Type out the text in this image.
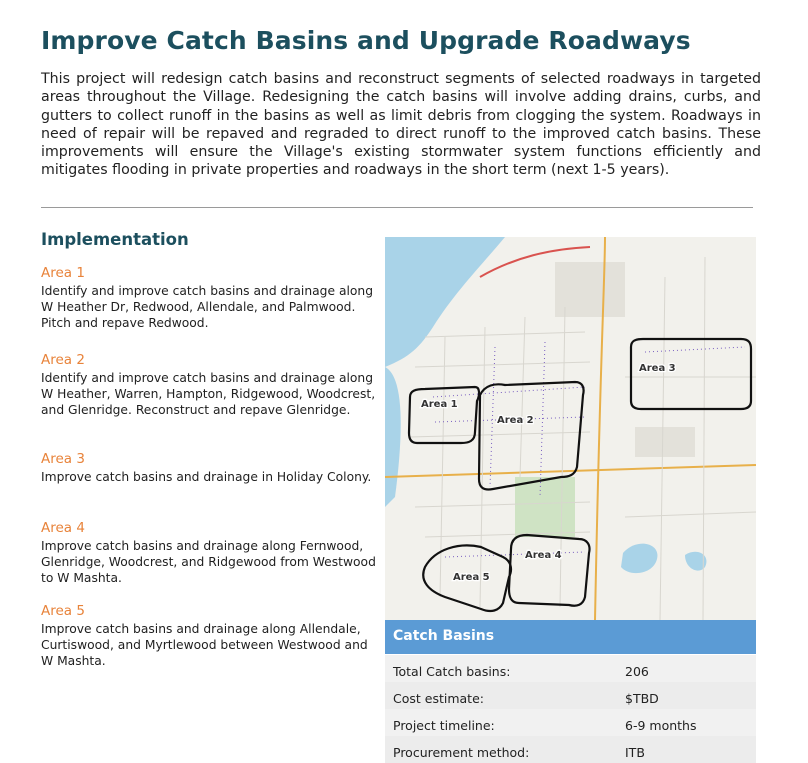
Improve Catch Basins and Upgrade Roadways

This project will redesign catch basins and reconstruct segments of selected roadways in targeted areas throughout the Village. Redesigning the catch basins will involve adding drains, curbs, and gutters to collect runoff in the basins as well as limit debris from clogging the system. Roadways in need of repair will be repaved and regraded to direct runoff to the improved catch basins. These improvements will ensure the Village's existing stormwater system functions efficiently and mitigates flooding in private properties and roadways in the short term (next 1-5 years).

Implementation

Area 1

Identify and improve catch basins and drainage along W Heather Dr, Redwood, Allendale, and Palmwood. Pitch and repave Redwood.

Area 2

Identify and improve catch basins and drainage along W Heather, Warren, Hampton, Ridgewood, Woodcrest, and Glenridge. Reconstruct and repave Glenridge.

Area 3

Improve catch basins and drainage in Holiday Colony.

Area 4

Improve catch basins and drainage along Fernwood, Glenridge, Woodcrest, and Ridgewood from Westwood to W Mashta.

Area 5

Improve catch basins and drainage along Allendale, Curtiswood, and Myrtlewood between Westwood and W Mashta.

Area 1
Area 2
Area 3
Area 4
Area 5
Catch Basins
Total Catch basins:	206
Cost estimate:	$TBD
Project timeline:	6-9 months
Procurement method:	ITB
